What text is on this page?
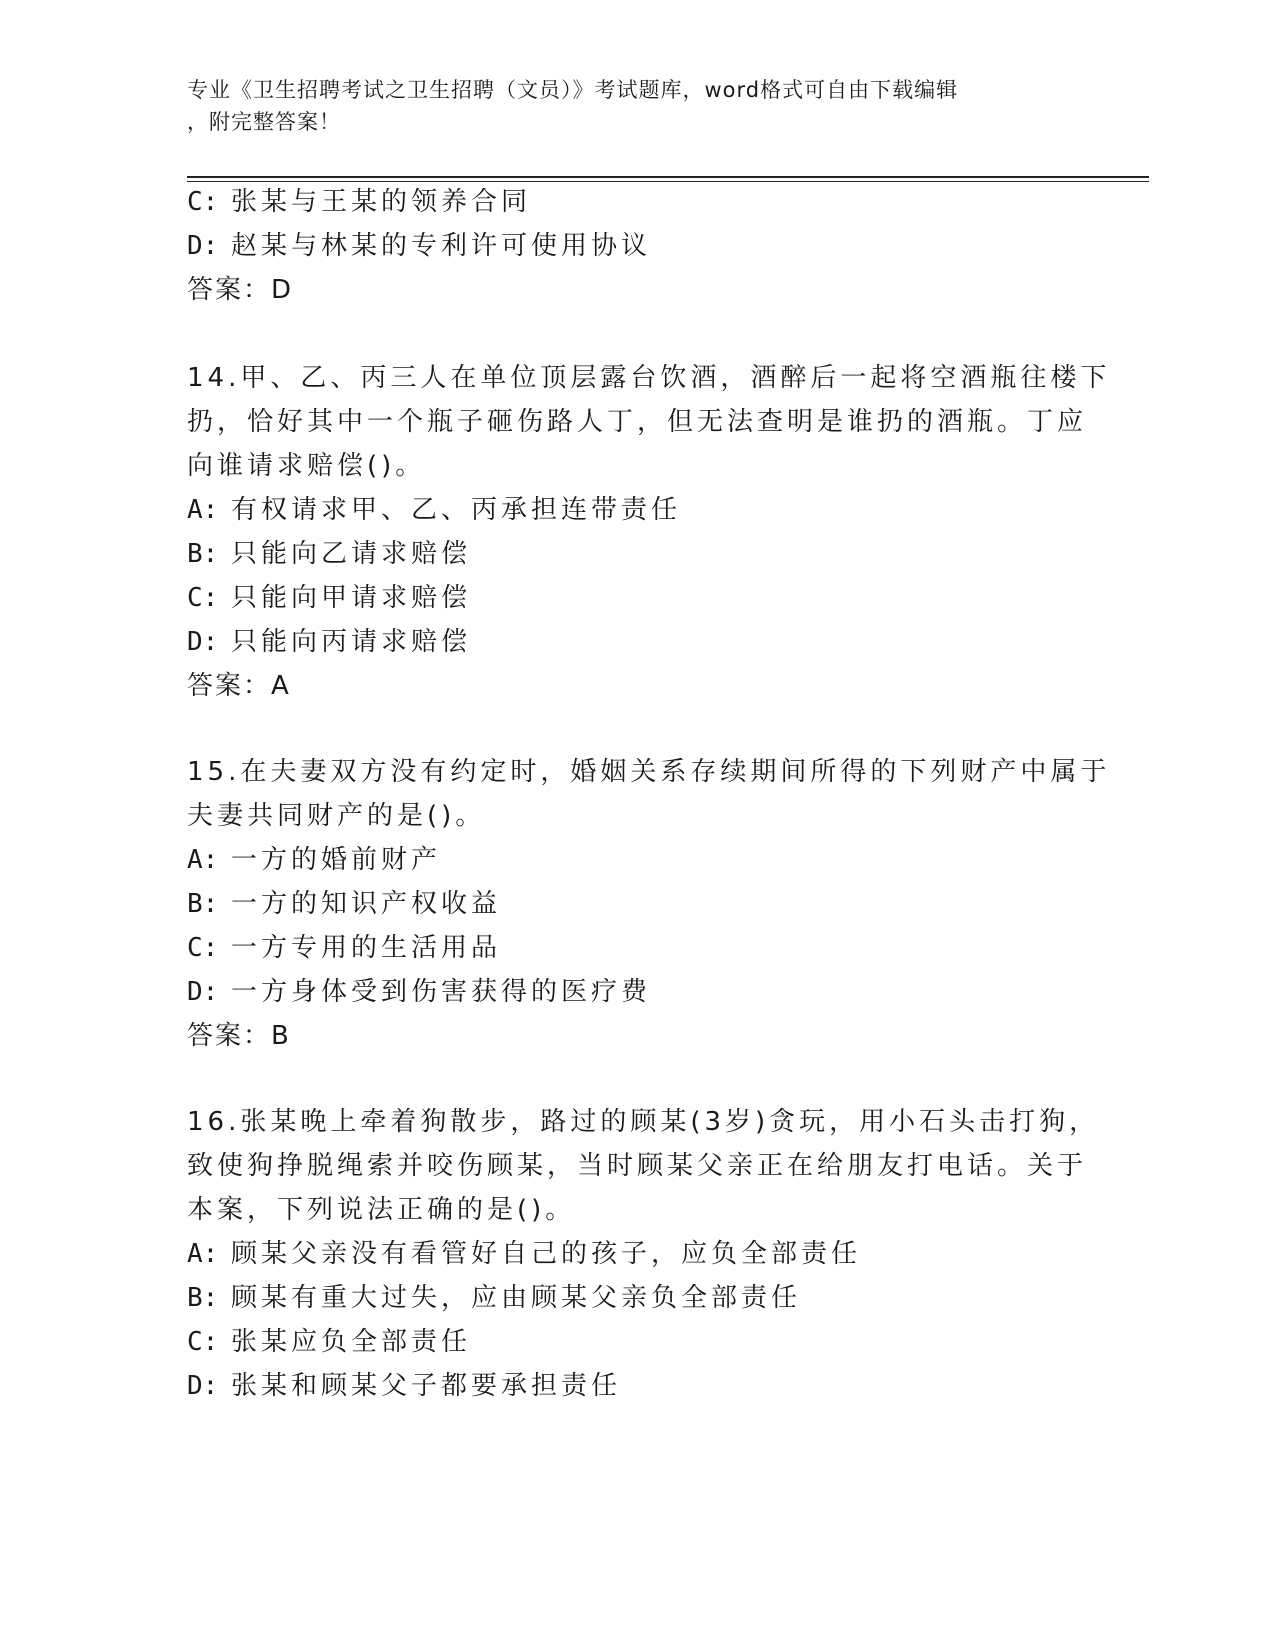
专业《卫生招聘考试之卫生招聘（文员）》考试题库，word格式可自由下载编辑
，附完整答案！
C: 张某与王某的领养合同
D: 赵某与林某的专利许可使用协议
答案：D
14.甲、乙、丙三人在单位顶层露台饮酒，酒醉后一起将空酒瓶往楼下
扔，恰好其中一个瓶子砸伤路人丁，但无法查明是谁扔的酒瓶。丁应
向谁请求赔偿()。
A: 有权请求甲、乙、丙承担连带责任
B: 只能向乙请求赔偿
C: 只能向甲请求赔偿
D: 只能向丙请求赔偿
答案：A
15.在夫妻双方没有约定时，婚姻关系存续期间所得的下列财产中属于
夫妻共同财产的是()。
A: 一方的婚前财产
B: 一方的知识产权收益
C: 一方专用的生活用品
D: 一方身体受到伤害获得的医疗费
答案：B
16.张某晚上牵着狗散步，路过的顾某(3岁)贪玩，用小石头击打狗，
致使狗挣脱绳索并咬伤顾某，当时顾某父亲正在给朋友打电话。关于
本案，下列说法正确的是()。
A: 顾某父亲没有看管好自己的孩子，应负全部责任
B: 顾某有重大过失，应由顾某父亲负全部责任
C: 张某应负全部责任
D: 张某和顾某父子都要承担责任
